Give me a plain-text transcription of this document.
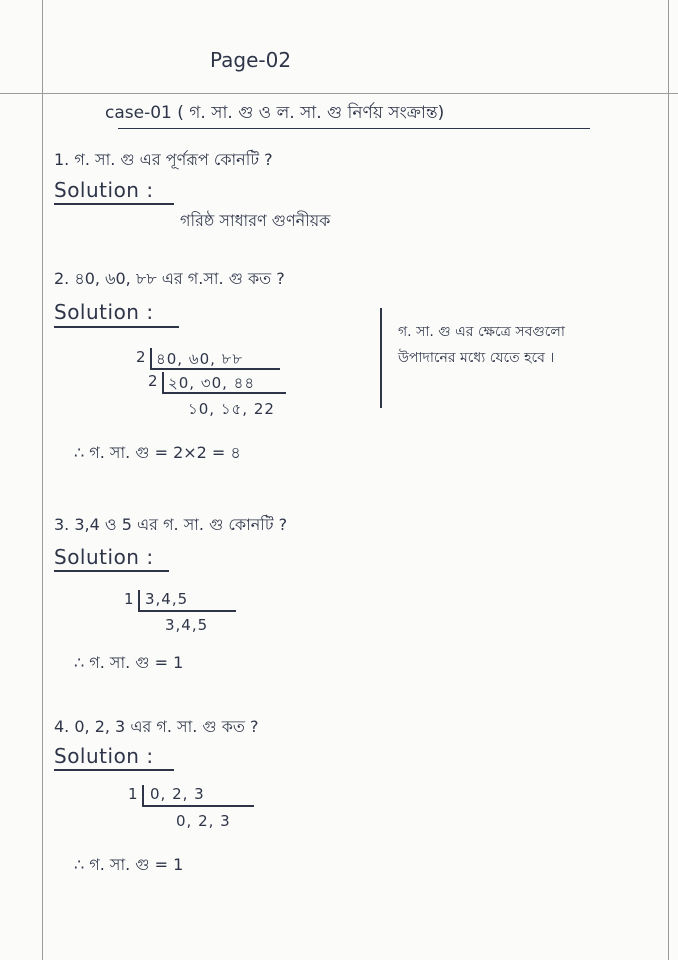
Page-02
case-01 ( গ. সা. গু ও ল. সা. গু নির্ণয় সংক্রান্ত)
1. গ. সা. গু এর পূর্ণরূপ কোনটি ?
Solution :
গরিষ্ঠ সাধারণ গুণনীয়ক
2. ৪0, ৬0, ৮৮ এর গ.সা. গু কত ?
Solution :
2 ৪0, ৬0, ৮৮
2 ২0, ৩0, ৪৪
১0, ১৫, 22
∴ গ. সা. গু = 2×2 = ৪
গ. সা. গু এর ক্ষেত্রে সবগুলো
উপাদানের মধ্যে যেতে হবে ।
3. 3,4 ও 5 এর গ. সা. গু কোনটি ?
Solution :
1 3,4,5
3,4,5
∴ গ. সা. গু = 1
4. 0, 2, 3 এর গ. সা. গু কত ?
Solution :
1 0, 2, 3
0, 2, 3
∴ গ. সা. গু = 1
